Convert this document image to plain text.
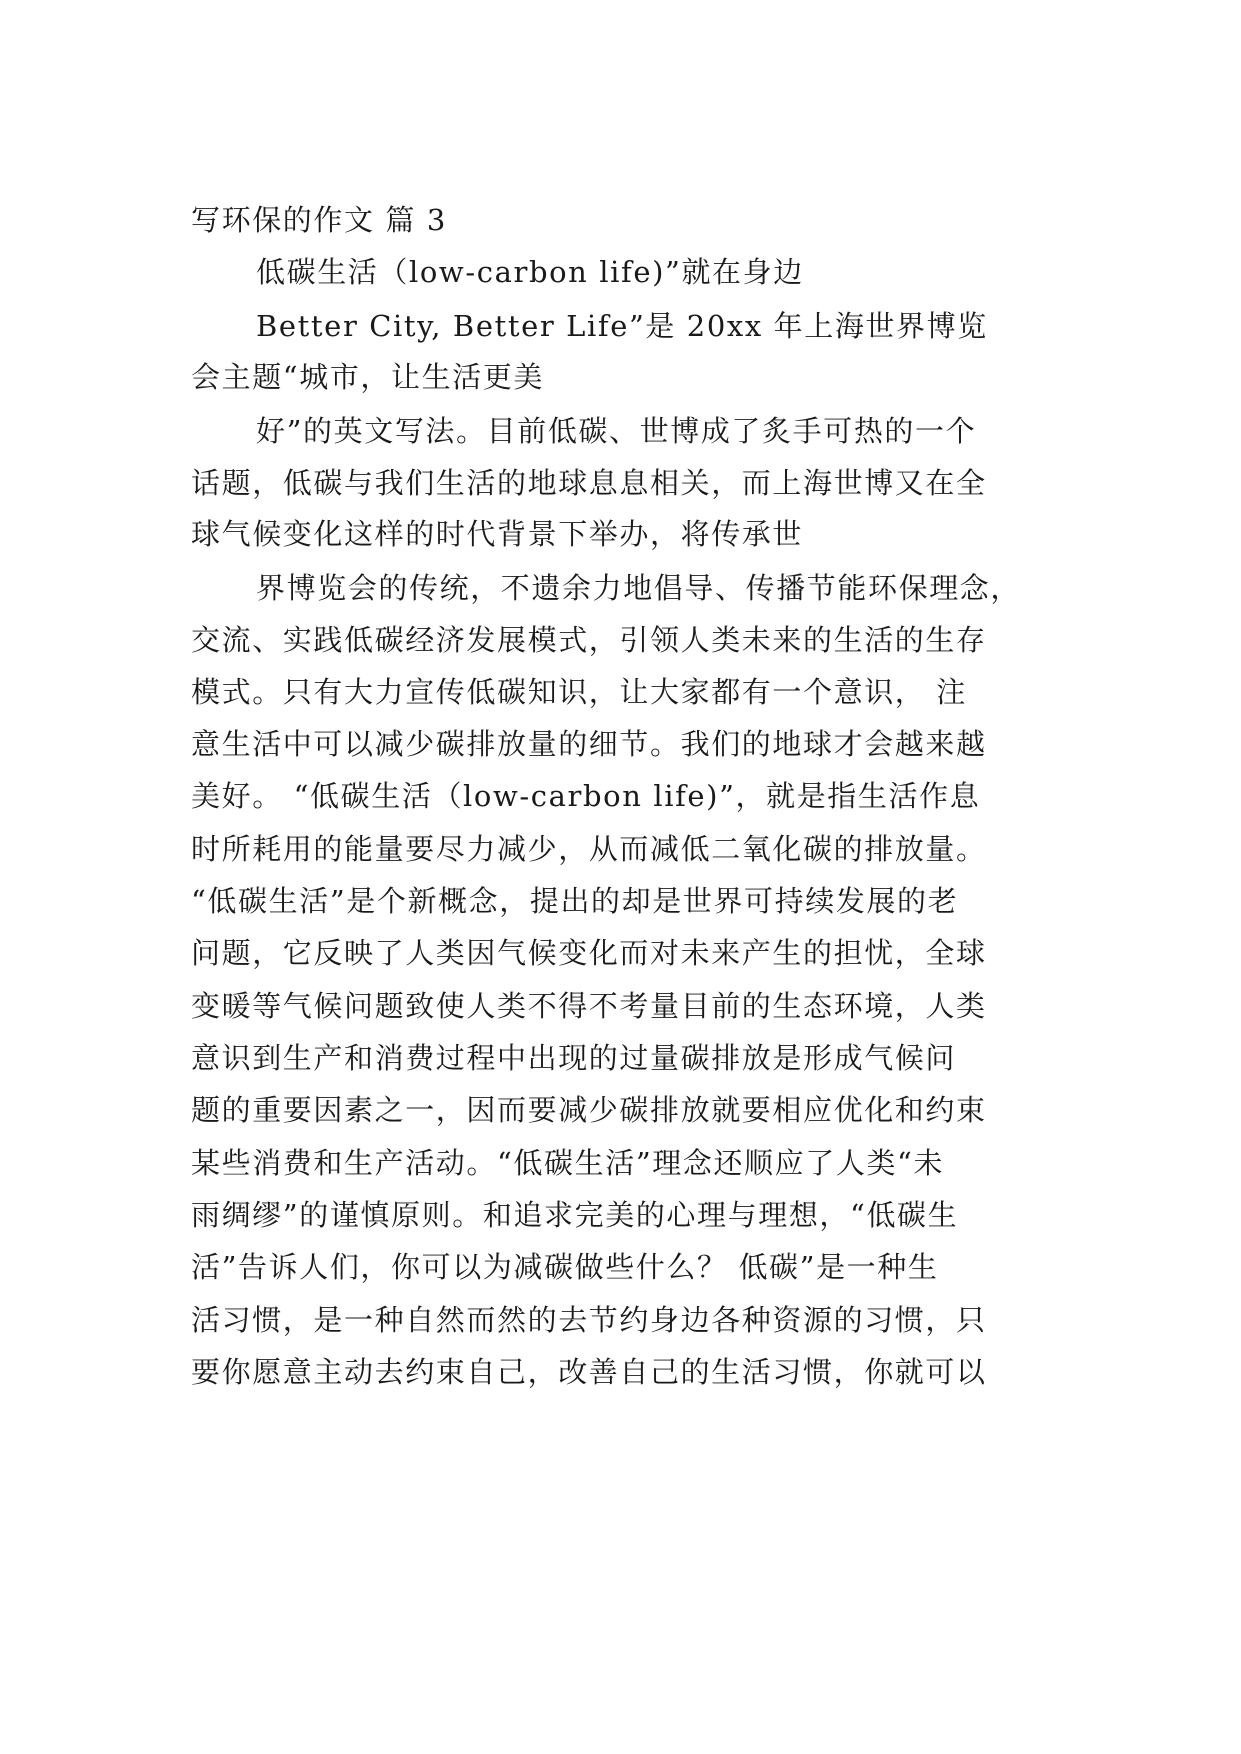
写环保的作文 篇 3
低碳生活（low-carbon life)”就在身边
Better City, Better Life”是 20xx 年上海世界博览
会主题“城市，让生活更美
好”的英文写法。目前低碳、世博成了炙手可热的一个
话题，低碳与我们生活的地球息息相关，而上海世博又在全
球气候变化这样的时代背景下举办，将传承世
界博览会的传统，不遗余力地倡导、传播节能环保理念，
交流、实践低碳经济发展模式，引领人类未来的生活的生存
模式。只有大力宣传低碳知识，让大家都有一个意识， 注
意生活中可以减少碳排放量的细节。我们的地球才会越来越
美好。 “低碳生活（low-carbon life)”，就是指生活作息
时所耗用的能量要尽力减少，从而减低二氧化碳的排放量。
“低碳生活”是个新概念，提出的却是世界可持续发展的老
问题，它反映了人类因气候变化而对未来产生的担忧，全球
变暖等气候问题致使人类不得不考量目前的生态环境，人类
意识到生产和消费过程中出现的过量碳排放是形成气候问
题的重要因素之一，因而要减少碳排放就要相应优化和约束
某些消费和生产活动。“低碳生活”理念还顺应了人类“未
雨绸缪”的谨慎原则。和追求完美的心理与理想，“低碳生
活”告诉人们，你可以为减碳做些什么？ 低碳”是一种生
活习惯，是一种自然而然的去节约身边各种资源的习惯，只
要你愿意主动去约束自己，改善自己的生活习惯，你就可以
